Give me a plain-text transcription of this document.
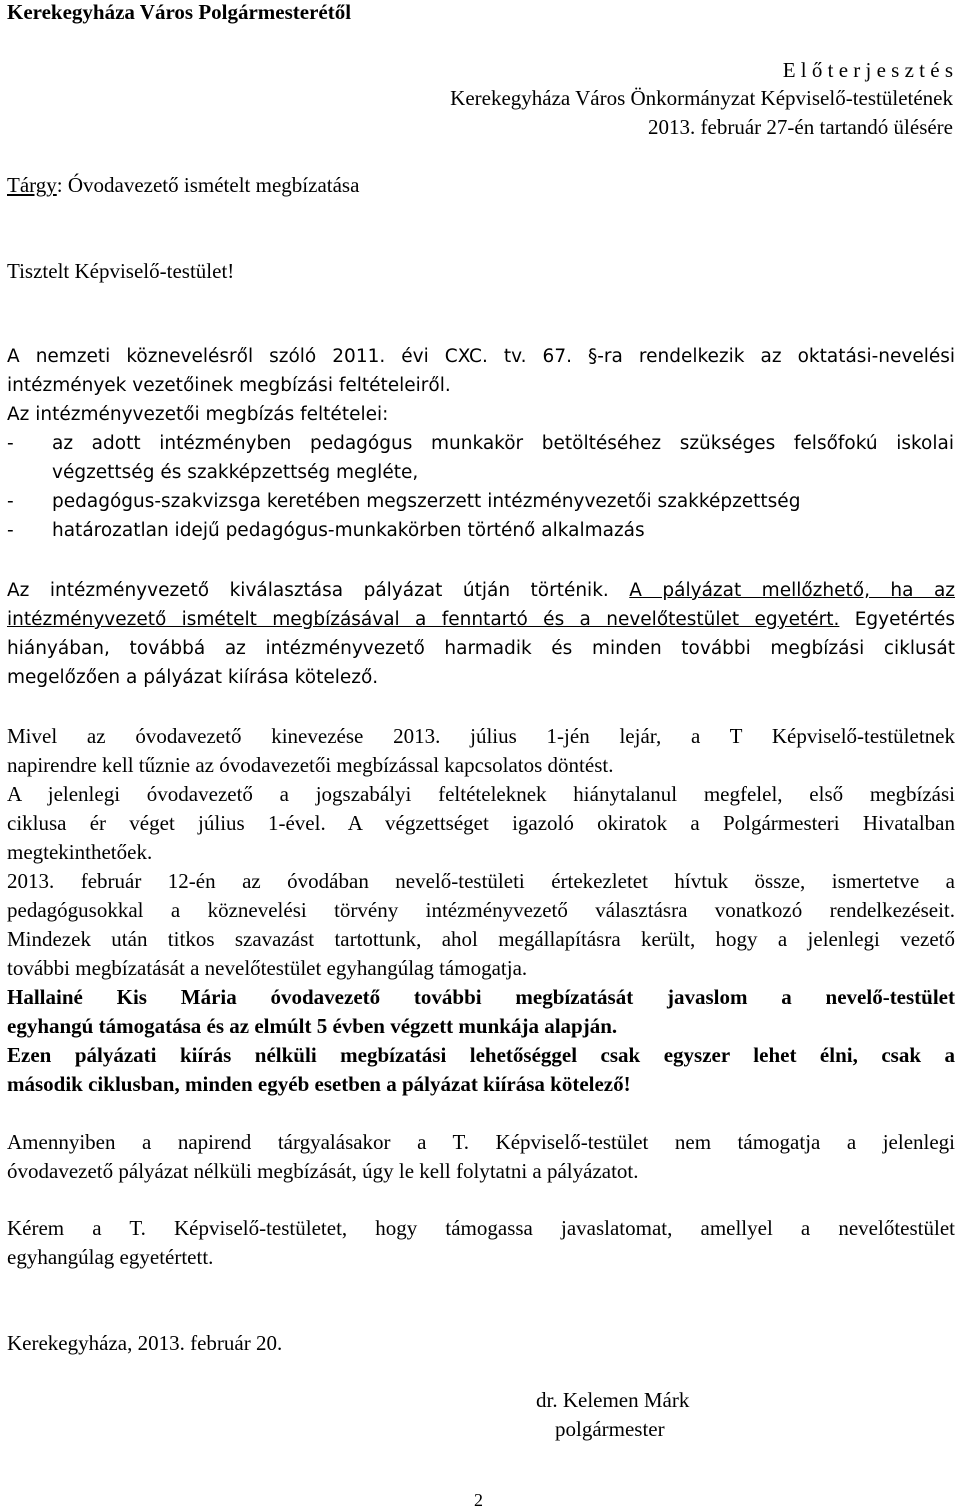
Kerekegyháza Város Polgármesterétől
E l ő t e r j e s z t é s
Kerekegyháza Város Önkormányzat Képviselő-testületének
2013. február 27-én tartandó ülésére
Tárgy: Óvodavezető ismételt megbízatása
Tisztelt Képviselő-testület!
A nemzeti köznevelésről szóló 2011. évi CXC. tv. 67. §-ra rendelkezik az oktatási-nevelési
intézmények vezetőinek megbízási feltételeiről.
Az intézményvezetői megbízás feltételei:
- az adott intézményben pedagógus munkakör betöltéséhez szükséges felsőfokú iskolai
végzettség és szakképzettség megléte,
- pedagógus-szakvizsga keretében megszerzett intézményvezetői szakképzettség
- határozatlan idejű pedagógus-munkakörben történő alkalmazás
Az intézményvezető kiválasztása pályázat útján történik. A pályázat mellőzhető, ha az
intézményvezető ismételt megbízásával a fenntartó és a nevelőtestület egyetért. Egyetértés
hiányában, továbbá az intézményvezető harmadik és minden további megbízási ciklusát
megelőzően a pályázat kiírása kötelező.
Mivel az óvodavezető kinevezése 2013. július 1-jén lejár, a T Képviselő-testületnek
napirendre kell tűznie az óvodavezetői megbízással kapcsolatos döntést.
A jelenlegi óvodavezető a jogszabályi feltételeknek hiánytalanul megfelel, első megbízási
ciklusa ér véget július 1-ével. A végzettséget igazoló okiratok a Polgármesteri Hivatalban
megtekinthetőek.
2013. február 12-én az óvodában nevelő-testületi értekezletet hívtuk össze, ismertetve a
pedagógusokkal a köznevelési törvény intézményvezető választásra vonatkozó rendelkezéseit.
Mindezek után titkos szavazást tartottunk, ahol megállapításra került, hogy a jelenlegi vezető
további megbízatását a nevelőtestület egyhangúlag támogatja.
Hallainé Kis Mária óvodavezető további megbízatását javaslom a nevelő-testület
egyhangú támogatása és az elmúlt 5 évben végzett munkája alapján.
Ezen pályázati kiírás nélküli megbízatási lehetőséggel csak egyszer lehet élni, csak a
második ciklusban, minden egyéb esetben a pályázat kiírása kötelező!
Amennyiben a napirend tárgyalásakor a T. Képviselő-testület nem támogatja a jelenlegi
óvodavezető pályázat nélküli megbízását, úgy le kell folytatni a pályázatot.
Kérem a T. Képviselő-testületet, hogy támogassa javaslatomat, amellyel a nevelőtestület
egyhangúlag egyetértett.
Kerekegyháza, 2013. február 20.
dr. Kelemen Márk
polgármester
2
